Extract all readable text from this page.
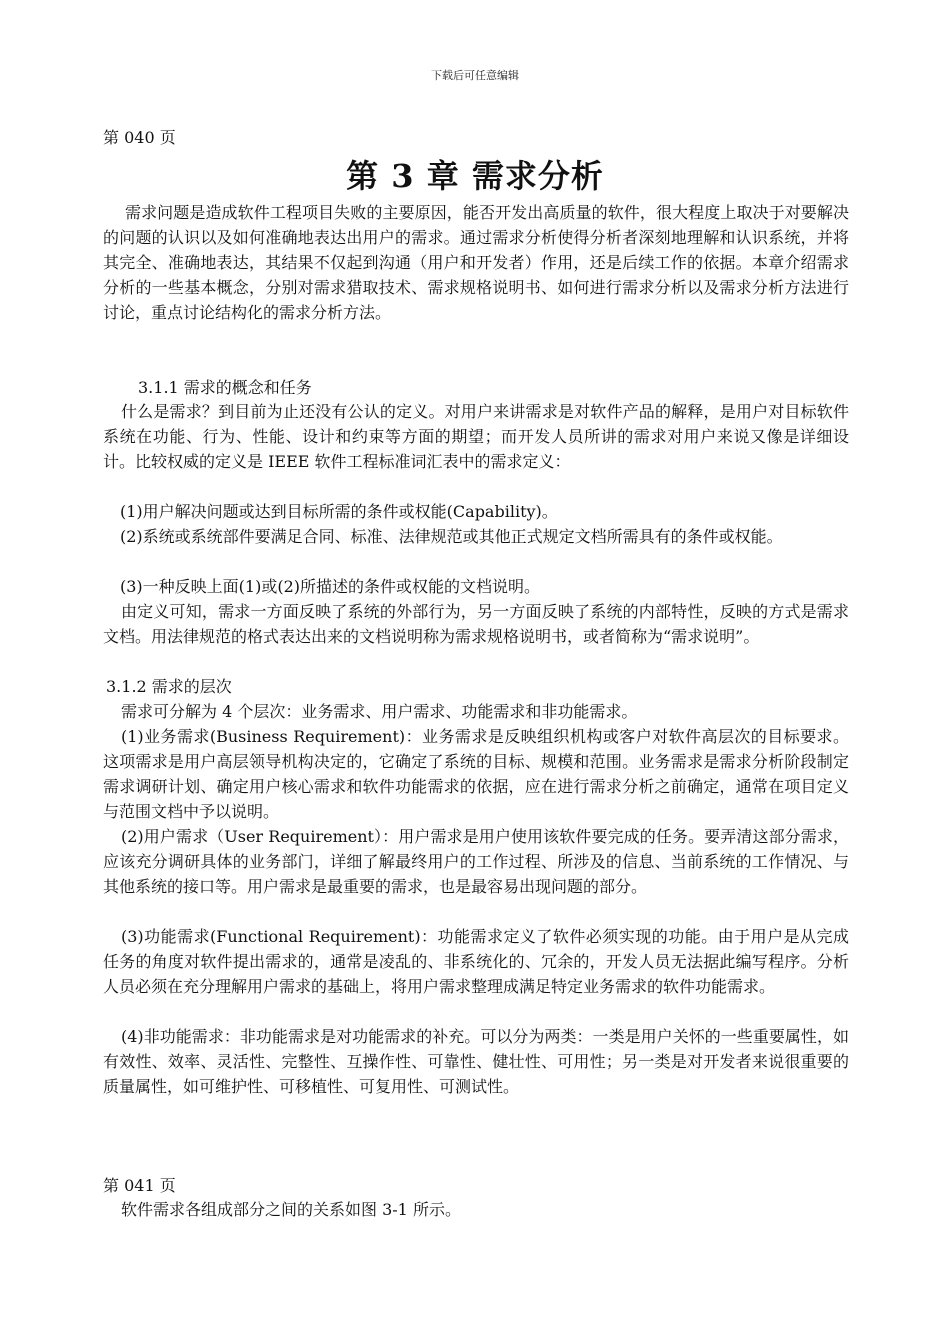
下载后可任意编辑
第 040 页
第 3 章 需求分析

需求问题是造成软件工程项目失败的主要原因，能否开发出高质量的软件，很大程度上取决于对要解决的问题的认识以及如何准确地表达出用户的需求。通过需求分析使得分析者深刻地理解和认识系统，并将其完全、准确地表达，其结果不仅起到沟通（用户和开发者）作用，还是后续工作的依据。本章介绍需求分析的一些基本概念，分别对需求猎取技术、需求规格说明书、如何进行需求分析以及需求分析方法进行讨论，重点讨论结构化的需求分析方法。

3.1.1 需求的概念和任务

什么是需求？到目前为止还没有公认的定义。对用户来讲需求是对软件产品的解释，是用户对目标软件系统在功能、行为、性能、设计和约束等方面的期望；而开发人员所讲的需求对用户来说又像是详细设计。比较权威的定义是 IEEE 软件工程标准词汇表中的需求定义：

(1)用户解决问题或达到目标所需的条件或权能(Capability)。

(2)系统或系统部件要满足合同、标准、法律规范或其他正式规定文档所需具有的条件或权能。

(3)一种反映上面(1)或(2)所描述的条件或权能的文档说明。

由定义可知，需求一方面反映了系统的外部行为，另一方面反映了系统的内部特性，反映的方式是需求文档。用法律规范的格式表达出来的文档说明称为需求规格说明书，或者简称为“需求说明”。

3.1.2 需求的层次

需求可分解为 4 个层次：业务需求、用户需求、功能需求和非功能需求。

(1)业务需求(Business Requirement)：业务需求是反映组织机构或客户对软件高层次的目标要求。这项需求是用户高层领导机构决定的，它确定了系统的目标、规模和范围。业务需求是需求分析阶段制定需求调研计划、确定用户核心需求和软件功能需求的依据，应在进行需求分析之前确定，通常在项目定义与范围文档中予以说明。

(2)用户需求（User Requirement）：用户需求是用户使用该软件要完成的任务。要弄清这部分需求，应该充分调研具体的业务部门，详细了解最终用户的工作过程、所涉及的信息、当前系统的工作情况、与其他系统的接口等。用户需求是最重要的需求，也是最容易出现问题的部分。

(3)功能需求(Functional Requirement)：功能需求定义了软件必须实现的功能。由于用户是从完成任务的角度对软件提出需求的，通常是凌乱的、非系统化的、冗余的，开发人员无法据此编写程序。分析人员必须在充分理解用户需求的基础上，将用户需求整理成满足特定业务需求的软件功能需求。

(4)非功能需求：非功能需求是对功能需求的补充。可以分为两类：一类是用户关怀的一些重要属性，如有效性、效率、灵活性、完整性、互操作性、可靠性、健壮性、可用性；另一类是对开发者来说很重要的质量属性，如可维护性、可移植性、可复用性、可测试性。

第 041 页

软件需求各组成部分之间的关系如图 3-1 所示。
